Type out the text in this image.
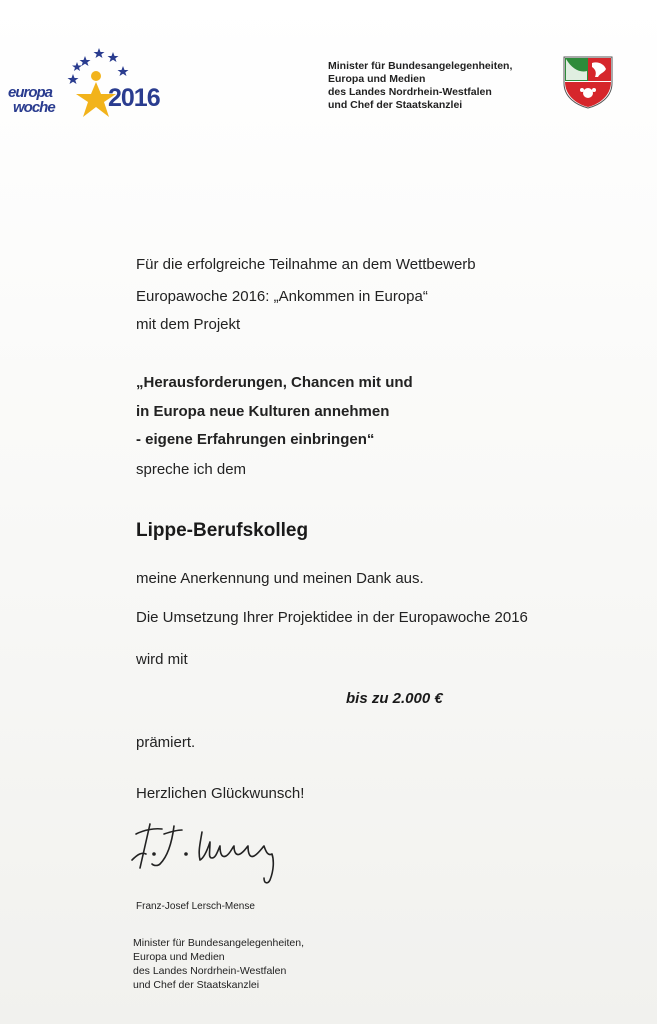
europa
woche 2016
Minister für Bundesangelegenheiten,
Europa und Medien
des Landes Nordrhein-Westfalen
und Chef der Staatskanzlei
Für die erfolgreiche Teilnahme an dem Wettbewerb
Europawoche 2016: „Ankommen in Europa“
mit dem Projekt
„Herausforderungen, Chancen mit und
in Europa neue Kulturen annehmen
- eigene Erfahrungen einbringen“
spreche ich dem
Lippe-Berufskolleg
meine Anerkennung und meinen Dank aus.
Die Umsetzung Ihrer Projektidee in der Europawoche 2016
wird mit
bis zu 2.000 €
prämiert.
Herzlichen Glückwunsch!
Franz-Josef Lersch-Mense
Minister für Bundesangelegenheiten,
Europa und Medien
des Landes Nordrhein-Westfalen
und Chef der Staatskanzlei
